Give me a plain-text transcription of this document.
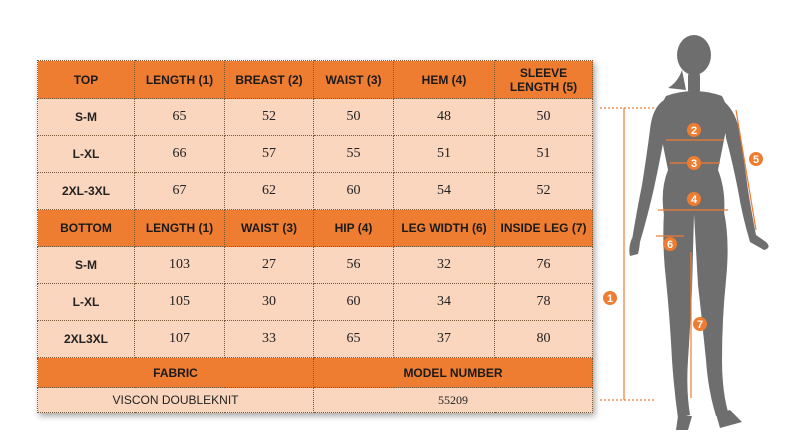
TOP	LENGTH (1)	BREAST (2)	WAIST (3)	HEM (4)	SLEEVE LENGTH (5)
S-M	65	52	50	48	50
L-XL	66	57	55	51	51
2XL-3XL	67	62	60	54	52
BOTTOM	LENGTH (1)	WAIST (3)	HIP (4)	LEG WIDTH (6)	INSIDE LEG (7)
S-M	103	27	56	32	76
L-XL	105	30	60	34	78
2XL3XL	107	33	65	37	80
FABRIC			MODEL NUMBER		
VISCON DOUBLEKNIT			55209		
1
2
3
4
5
6
7
